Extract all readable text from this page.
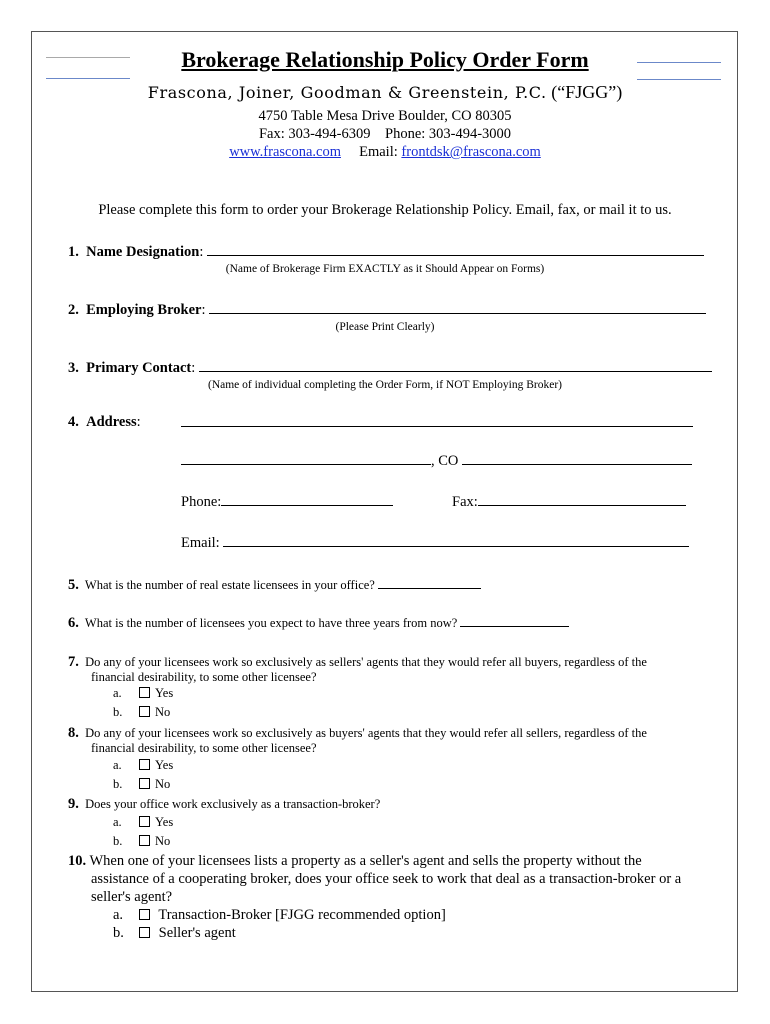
Brokerage Relationship Policy Order Form
Frascona, Joiner, Goodman & Greenstein, P.C. (“FJGG”)
4750 Table Mesa Drive Boulder, CO 80305
Fax: 303-494-6309 Phone: 303-494-3000
www.frascona.com Email: frontdsk@frascona.com
Please complete this form to order your Brokerage Relationship Policy. Email, fax, or mail it to us.
1. Name Designation:
(Name of Brokerage Firm EXACTLY as it Should Appear on Forms)
2. Employing Broker:
(Please Print Clearly)
3. Primary Contact:
(Name of individual completing the Order Form, if NOT Employing Broker)
4. Address:
, CO
Phone:	Fax:
Email:
5. What is the number of real estate licensees in your office?
6. What is the number of licensees you expect to have three years from now?
7. Do any of your licensees work so exclusively as sellers' agents that they would refer all buyers, regardless of the
financial desirability, to some other licensee?
a.	Yes
b.	No
8. Do any of your licensees work so exclusively as buyers' agents that they would refer all sellers, regardless of the
financial desirability, to some other licensee?
a.	Yes
b.	No
9. Does your office work exclusively as a transaction-broker?
a.	Yes
b.	No
10. When one of your licensees lists a property as a seller's agent and sells the property without the
assistance of a cooperating broker, does your office seek to work that deal as a transaction-broker or a
seller's agent?
a. Transaction-Broker [FJGG recommended option]
b. Seller's agent
